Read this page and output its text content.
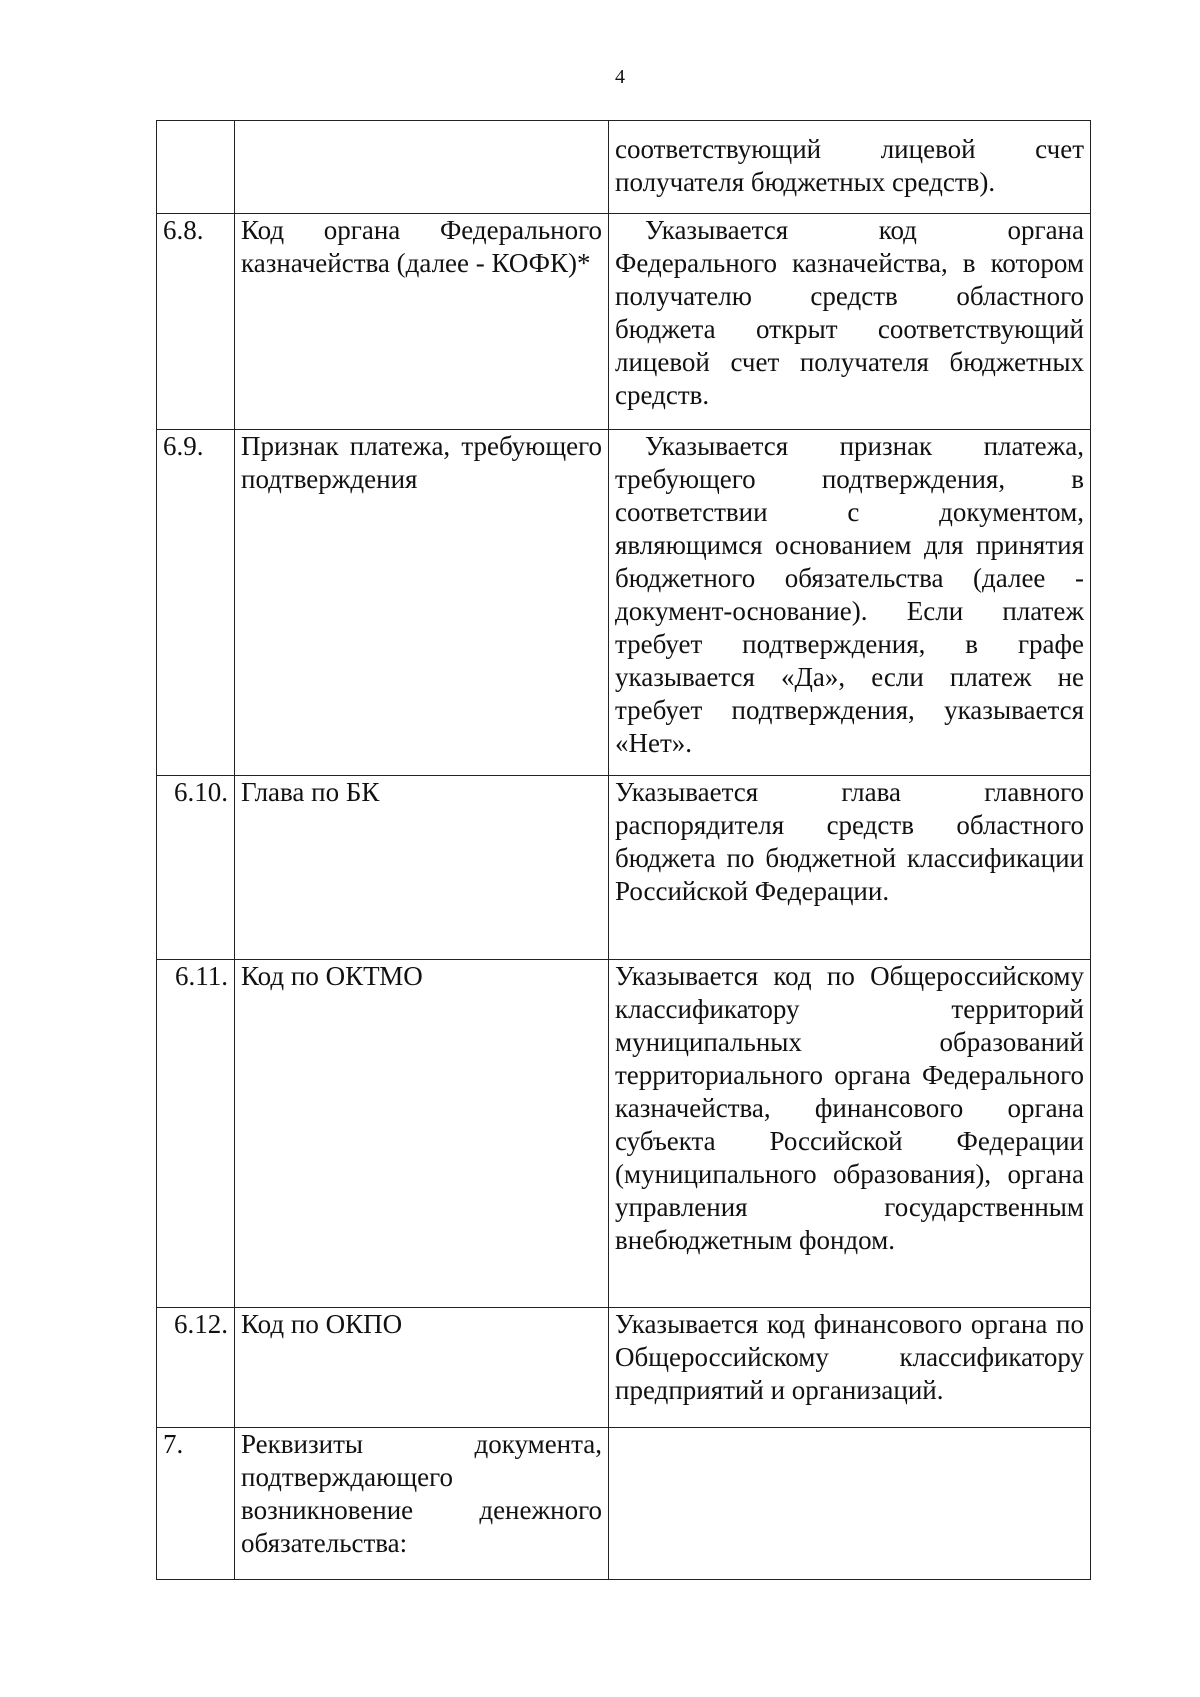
4
		соответствующий лицевой счет получателя бюджетных средств).
6.8.	Код органа Федерального казначейства (далее - КОФК)*	Указывается код органа Федерального казначейства, в котором получателю средств областного бюджета открыт соответствующий лицевой счет получателя бюджетных средств.
6.9.	Признак платежа, требующего подтверждения	Указывается признак платежа, требующего подтверждения, в соответствии с документом, являющимся основанием для принятия бюджетного обязательства (далее - документ-основание). Если платеж требует подтверждения, в графе указывается «Да», если платеж не требует подтверждения, указывается «Нет».
6.10.	Глава по БК	Указывается глава главного распорядителя средств областного бюджета по бюджетной классификации Российской Федерации.
6.11.	Код по ОКТМО	Указывается код по Общероссийскому классификатору территорий муниципальных образований территориального органа Федерального казначейства, финансового органа субъекта Российской Федерации (муниципального образования), органа управления государственным внебюджетным фондом.
6.12.	Код по ОКПО	Указывается код финансового органа по Общероссийскому классификатору предприятий и организаций.
7.	Реквизиты документа, подтверждающего возникновение денежного обязательства:	
